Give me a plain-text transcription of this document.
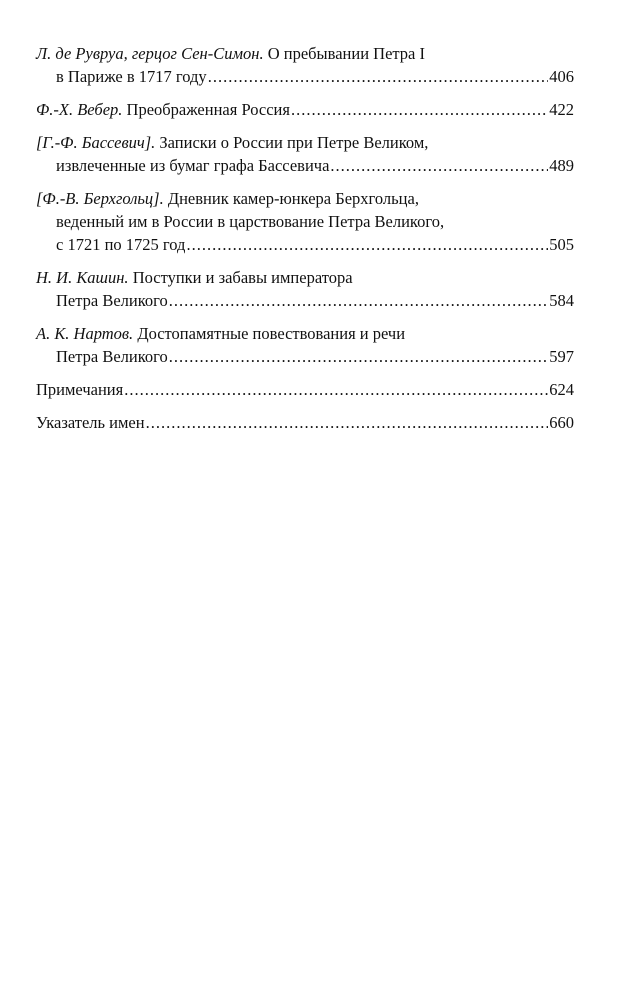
Л. де Рувруа, герцог Сен-Симон. О пребывании Петра I
в Париже в 1717 году .....	406
Ф.-Х. Вебер. Преображенная Россия .....	422
[Г.-Ф. Бассевич]. Записки о России при Петре Великом,
извлеченные из бумаг графа Бассевича .....	489
[Ф.-В. Берхгольц]. Дневник камер-юнкера Берхгольца,
веденный им в России в царствование Петра Великого,
с 1721 по 1725 год .....	505
Н. И. Кашин. Поступки и забавы императора
Петра Великого .....	584
А. К. Нартов. Достопамятные повествования и речи
Петра Великого .....	597
Примечания .....	624
Указатель имен .....	660
